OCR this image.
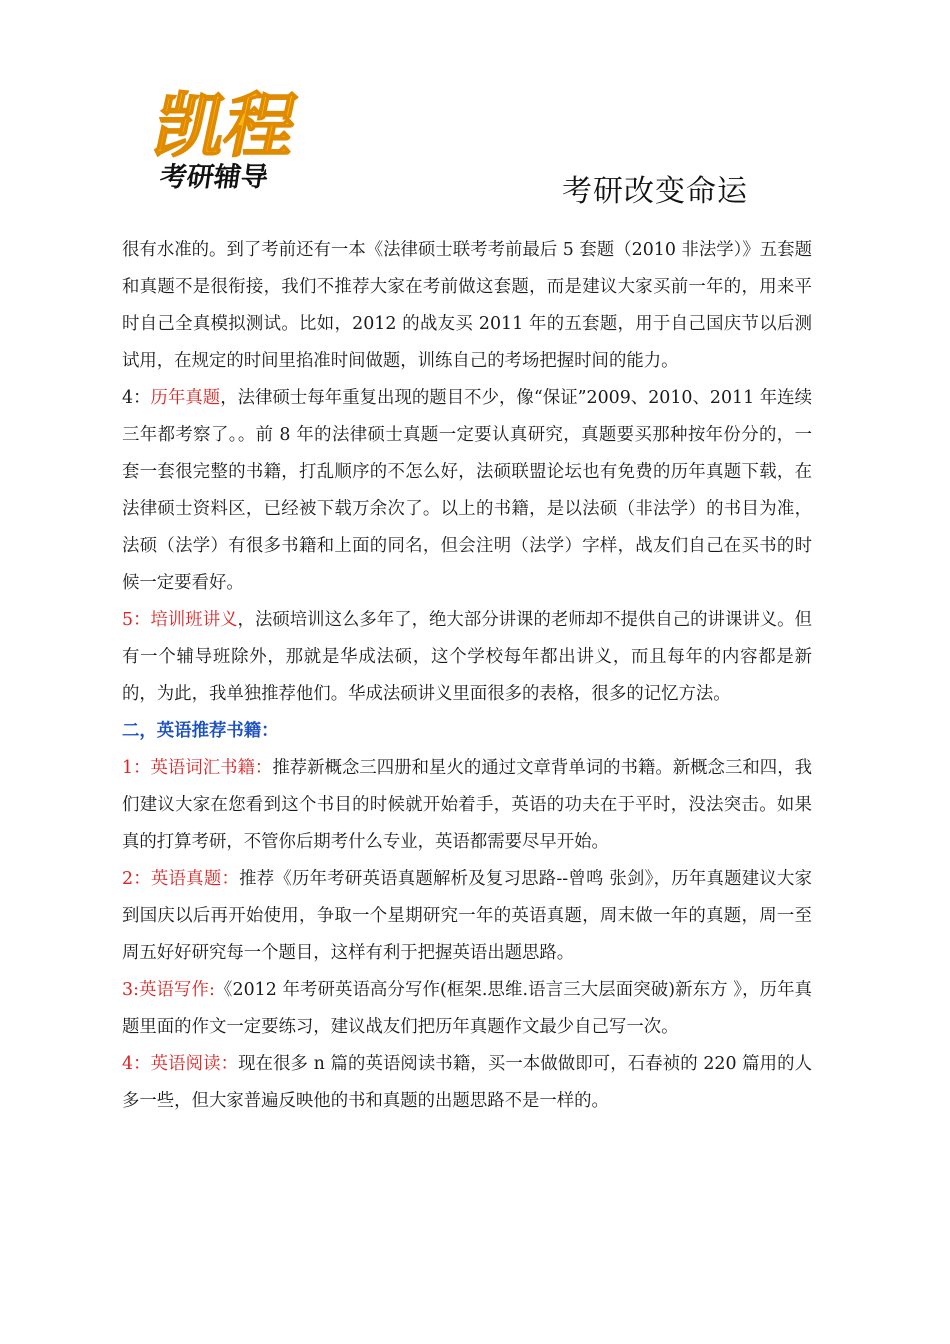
凯程
考研辅导	考研改变命运

很有水准的。到了考前还有一本《法律硕士联考考前最后 5 套题（2010 非法学）》五套题和真题不是很衔接，我们不推荐大家在考前做这套题，而是建议大家买前一年的，用来平时自己全真模拟测试。比如，2012 的战友买 2011 年的五套题，用于自己国庆节以后测试用，在规定的时间里掐准时间做题，训练自己的考场把握时间的能力。

4：历年真题，法律硕士每年重复出现的题目不少，像“保证”2009、2010、2011 年连续三年都考察了。。前 8 年的法律硕士真题一定要认真研究，真题要买那种按年份分的，一套一套很完整的书籍，打乱顺序的不怎么好，法硕联盟论坛也有免费的历年真题下载，在法律硕士资料区，已经被下载万余次了。以上的书籍，是以法硕（非法学）的书目为准，法硕（法学）有很多书籍和上面的同名，但会注明（法学）字样，战友们自己在买书的时候一定要看好。

5：培训班讲义，法硕培训这么多年了，绝大部分讲课的老师却不提供自己的讲课讲义。但有一个辅导班除外，那就是华成法硕，这个学校每年都出讲义，而且每年的内容都是新的，为此，我单独推荐他们。华成法硕讲义里面很多的表格，很多的记忆方法。

二，英语推荐书籍：

1：英语词汇书籍：推荐新概念三四册和星火的通过文章背单词的书籍。新概念三和四，我们建议大家在您看到这个书目的时候就开始着手，英语的功夫在于平时，没法突击。如果真的打算考研，不管你后期考什么专业，英语都需要尽早开始。

2：英语真题：推荐《历年考研英语真题解析及复习思路--曾鸣 张剑》，历年真题建议大家到国庆以后再开始使用，争取一个星期研究一年的英语真题，周末做一年的真题，周一至周五好好研究每一个题目，这样有利于把握英语出题思路。

3:英语写作:《2012 年考研英语高分写作(框架.思维.语言三大层面突破)新东方 》，历年真题里面的作文一定要练习，建议战友们把历年真题作文最少自己写一次。

4：英语阅读：现在很多 n 篇的英语阅读书籍，买一本做做即可，石春祯的 220 篇用的人多一些，但大家普遍反映他的书和真题的出题思路不是一样的。
